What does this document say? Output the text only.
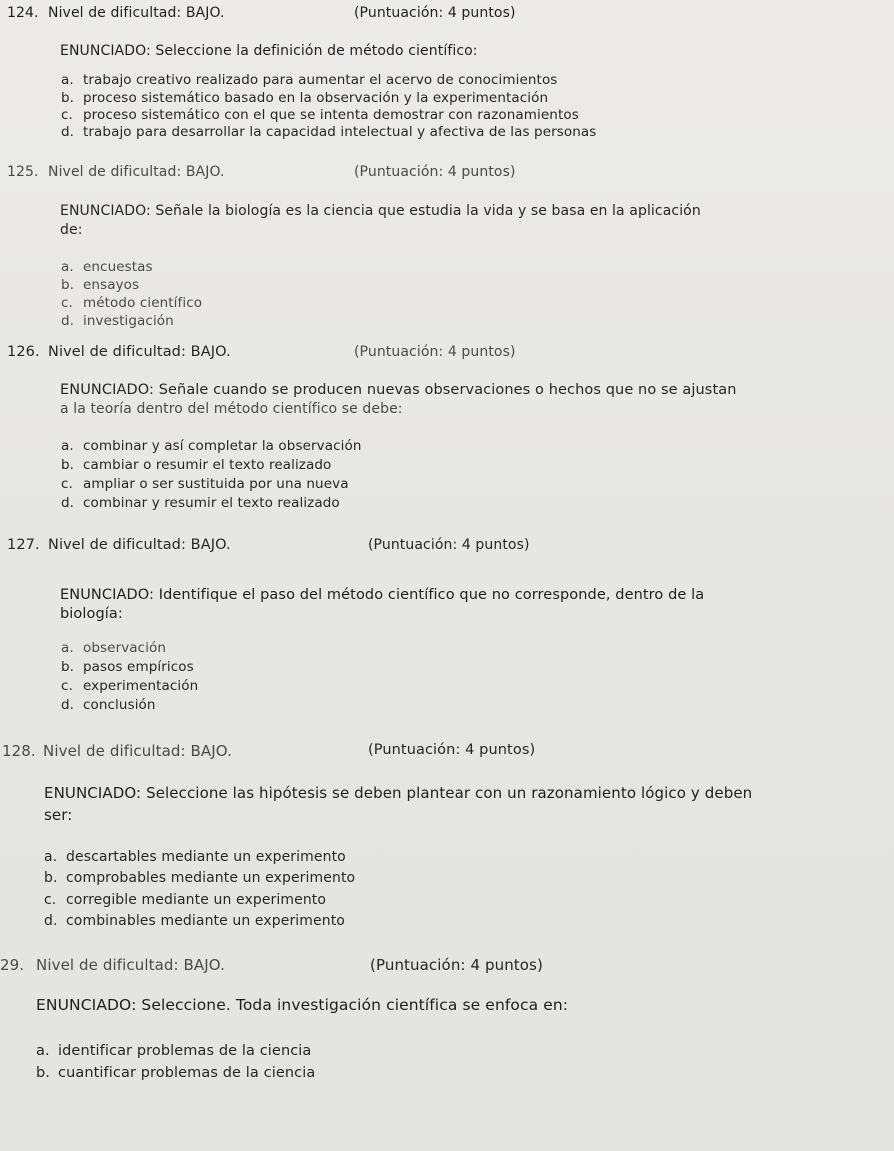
124. Nivel de dificultad: BAJO.	(Puntuación: 4 puntos)
ENUNCIADO: Seleccione la definición de método científico:
a. trabajo creativo realizado para aumentar el acervo de conocimientos
b. proceso sistemático basado en la observación y la experimentación
c. proceso sistemático con el que se intenta demostrar con razonamientos
d. trabajo para desarrollar la capacidad intelectual y afectiva de las personas
125. Nivel de dificultad: BAJO.	(Puntuación: 4 puntos)
ENUNCIADO: Señale la biología es la ciencia que estudia la vida y se basa en la aplicación
de:
a. encuestas
b. ensayos
c. método científico
d. investigación
126. Nivel de dificultad: BAJO.	(Puntuación: 4 puntos)
ENUNCIADO: Señale cuando se producen nuevas observaciones o hechos que no se ajustan
a la teoría dentro del método científico se debe:
a. combinar y así completar la observación
b. cambiar o resumir el texto realizado
c. ampliar o ser sustituida por una nueva
d. combinar y resumir el texto realizado
127. Nivel de dificultad: BAJO.	(Puntuación: 4 puntos)
ENUNCIADO: Identifique el paso del método científico que no corresponde, dentro de la
biología:
a. observación
b. pasos empíricos
c. experimentación
d. conclusión
128. Nivel de dificultad: BAJO.	(Puntuación: 4 puntos)
ENUNCIADO: Seleccione las hipótesis se deben plantear con un razonamiento lógico y deben
ser:
a. descartables mediante un experimento
b. comprobables mediante un experimento
c. corregible mediante un experimento
d. combinables mediante un experimento
29. Nivel de dificultad: BAJO.	(Puntuación: 4 puntos)
ENUNCIADO: Seleccione. Toda investigación científica se enfoca en:
a. identificar problemas de la ciencia
b. cuantificar problemas de la ciencia
